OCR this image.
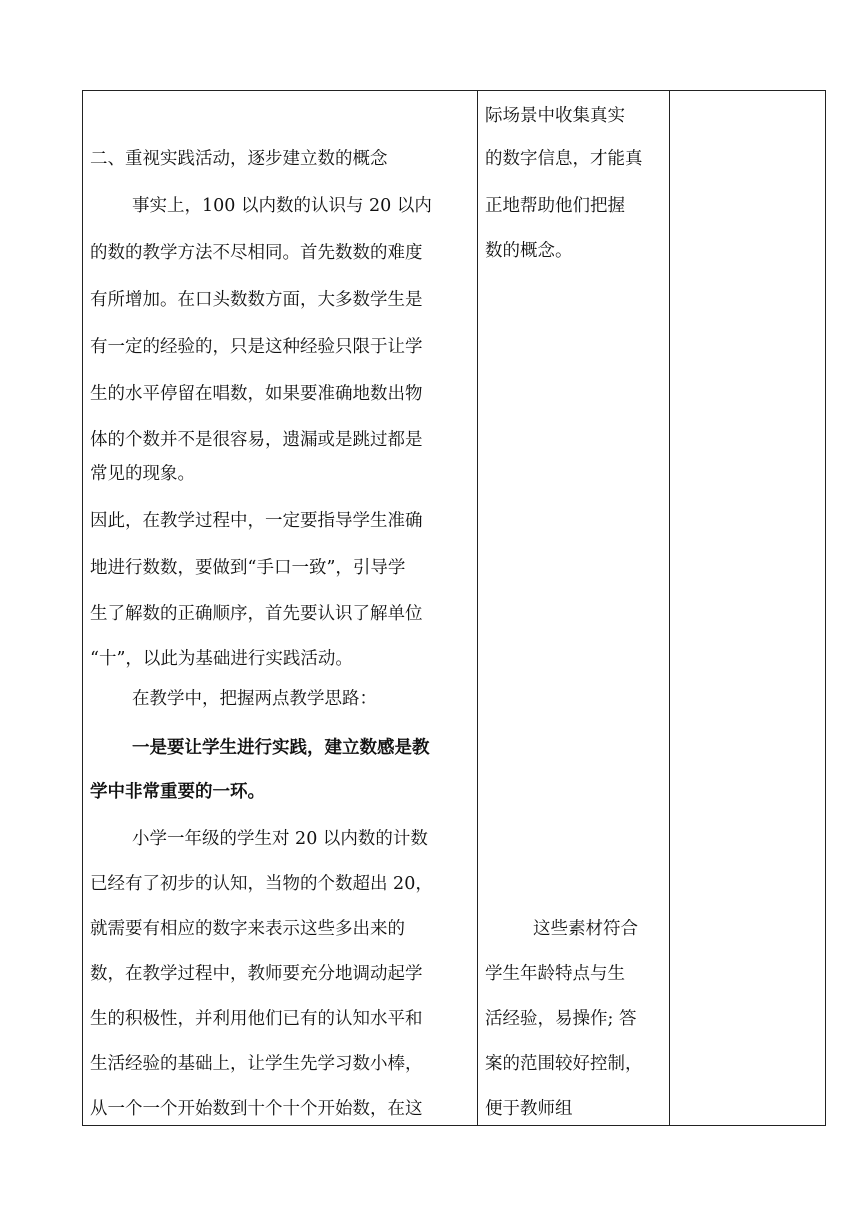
二、重视实践活动，逐步建立数的概念
事实上，100 以内数的认识与 20 以内
的数的教学方法不尽相同。首先数数的难度
有所增加。在口头数数方面，大多数学生是
有一定的经验的，只是这种经验只限于让学
生的水平停留在唱数，如果要准确地数出物
体的个数并不是很容易，遗漏或是跳过都是
常见的现象。
因此，在教学过程中，一定要指导学生准确
地进行数数，要做到“手口一致”，引导学
生了解数的正确顺序，首先要认识了解单位
“十”，以此为基础进行实践活动。
在教学中，把握两点教学思路：
一是要让学生进行实践，建立数感是教
学中非常重要的一环。
小学一年级的学生对 20 以内数的计数
已经有了初步的认知，当物的个数超出 20，
就需要有相应的数字来表示这些多出来的
数，在教学过程中，教师要充分地调动起学
生的积极性，并利用他们已有的认知水平和
生活经验的基础上，让学生先学习数小棒，
从一个一个开始数到十个十个开始数，在这
际场景中收集真实
的数字信息，才能真
正地帮助他们把握
数的概念。
这些素材符合
学生年龄特点与生
活经验，易操作; 答
案的范围较好控制，
便于教师组
